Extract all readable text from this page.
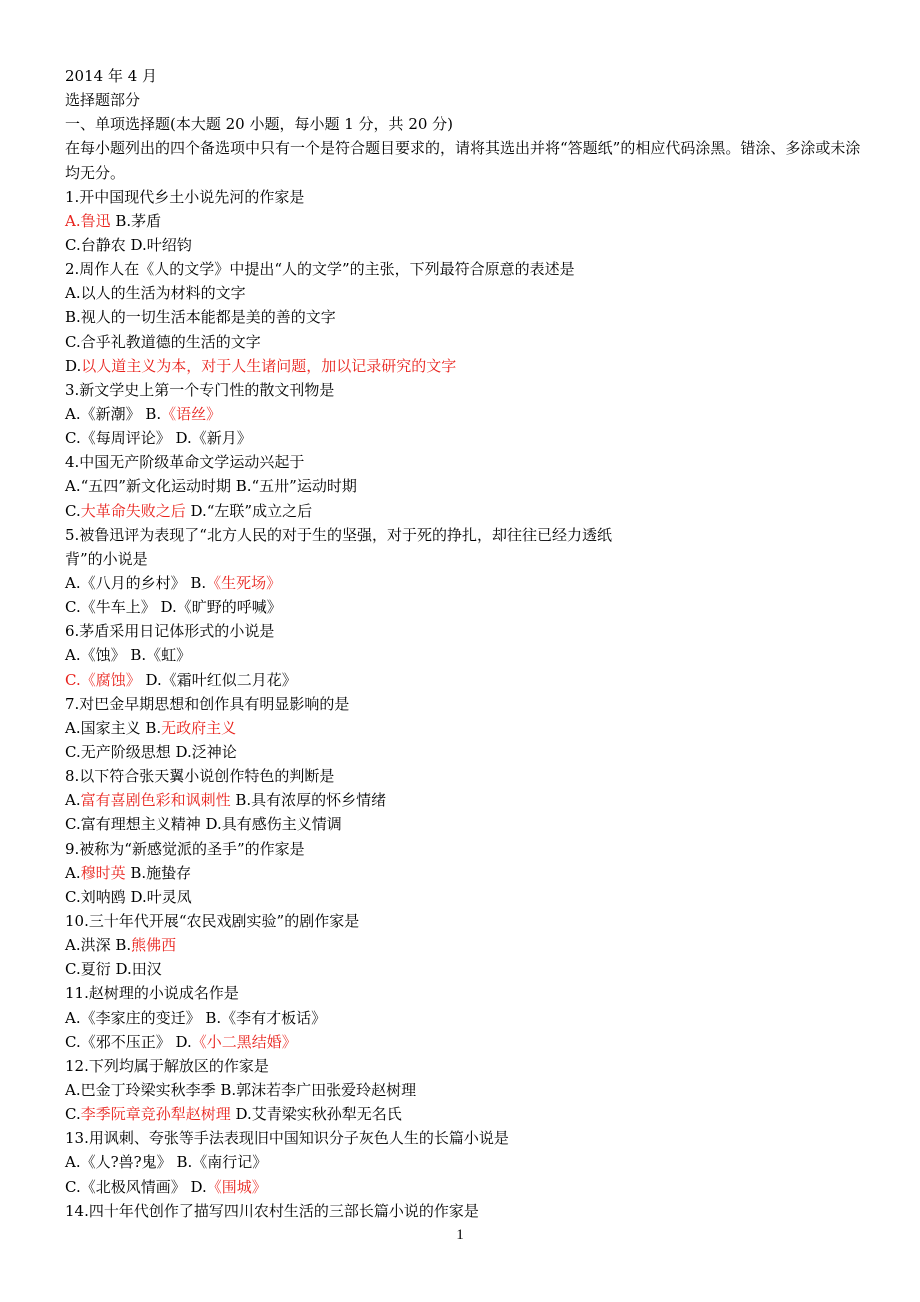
2014 年 4 月
选择题部分
一、单项选择题(本大题 20 小题，每小题 1 分，共 20 分)
在每小题列出的四个备选项中只有一个是符合题目要求的，请将其选出并将“答题纸”的相应代码涂黑。错涂、多涂或未涂均无分。
1.开中国现代乡土小说先河的作家是
A.鲁迅 B.茅盾
C.台静农 D.叶绍钧
2.周作人在《人的文学》中提出“人的文学”的主张，下列最符合原意的表述是
A.以人的生活为材料的文字
B.视人的一切生活本能都是美的善的文字
C.合乎礼教道德的生活的文字
D.以人道主义为本，对于人生诸问题，加以记录研究的文字
3.新文学史上第一个专门性的散文刊物是
A.《新潮》 B.《语丝》
C.《每周评论》 D.《新月》
4.中国无产阶级革命文学运动兴起于
A.“五四”新文化运动时期 B.“五卅”运动时期
C.大革命失败之后 D.“左联”成立之后
5.被鲁迅评为表现了“北方人民的对于生的坚强，对于死的挣扎，却往往已经力透纸
背”的小说是
A.《八月的乡村》 B.《生死场》
C.《牛车上》 D.《旷野的呼喊》
6.茅盾采用日记体形式的小说是
A.《蚀》 B.《虹》
C.《腐蚀》 D.《霜叶红似二月花》
7.对巴金早期思想和创作具有明显影响的是
A.国家主义 B.无政府主义
C.无产阶级思想 D.泛神论
8.以下符合张天翼小说创作特色的判断是
A.富有喜剧色彩和讽刺性 B.具有浓厚的怀乡情绪
C.富有理想主义精神 D.具有感伤主义情调
9.被称为“新感觉派的圣手”的作家是
A.穆时英 B.施蛰存
C.刘呐鸥 D.叶灵凤
10.三十年代开展“农民戏剧实验”的剧作家是
A.洪深 B.熊佛西
C.夏衍 D.田汉
11.赵树理的小说成名作是
A.《李家庄的变迁》 B.《李有才板话》
C.《邪不压正》 D.《小二黑结婚》
12.下列均属于解放区的作家是
A.巴金丁玲梁实秋李季 B.郭沫若李广田张爱玲赵树理
C.李季阮章竞孙犁赵树理 D.艾青梁实秋孙犁无名氏
13.用讽刺、夸张等手法表现旧中国知识分子灰色人生的长篇小说是
A.《人?兽?鬼》 B.《南行记》
C.《北极风情画》 D.《围城》
14.四十年代创作了描写四川农村生活的三部长篇小说的作家是
1
